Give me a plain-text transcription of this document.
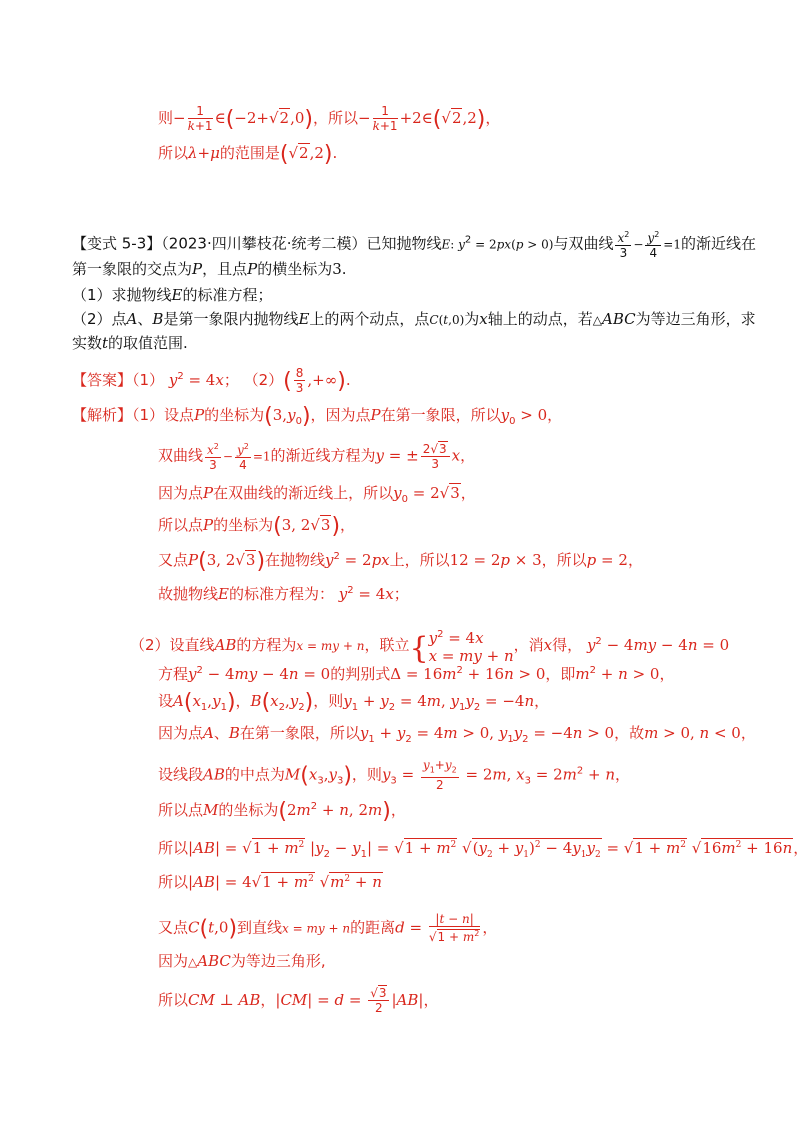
则− $\frac{1}{k+1}$ ∈(−2+√2,0)，所以− $\frac{1}{k+1}$ +2∈(√2,2)，
所以λ+μ的范围是(√2,2).
【变式 5-3】（2023·四川攀枝花·统考二模）已知抛物线E: $y^2 = 2px(p > 0)$与双曲线 $\frac{x^2}{3} - \frac{y^2}{4} =1$的渐近线在
第一象限的交点为P，且点P的横坐标为3.
（1）求抛物线E的标准方程；
（2）点A、B是第一象限内抛物线E上的两个动点，点C(t,0)为x轴上的动点，若△ABC为等边三角形，求
实数t的取值范围.
【答案】（1） $y^2 = 4x$； $(2)( \frac{8}{3}$ ,+∞).
【解析】（1）设点P的坐标为$(3,y_0)$，因为点P在第一象限，所以$y_0 > 0$，
双曲线 $\frac{x^2}{3} - \frac{y^2}{4} =1$的渐近线方程为y = ± $\frac{2√3}{3}$ x，
因为点P在双曲线的渐近线上，所以$y_0 = 2√3$，
所以点P的坐标为(3, 2√3)，
又点P(3, 2√3)在抛物线$y^2 = 2px$上，所以12 = 2p × 3，所以p = 2，
故抛物线E的标准方程为： $y^2 = 4x$；
（2）设直线AB的方程为x = my + n，联立{ $y^2 = 4x$
x = my + n
，消x得， $y^2 - 4my - 4n = 0$
方程$y^2 - 4my - 4n = 0$的判别式$\Delta = 16m^2 + 16n > 0$，即$m^2 + n > 0$，
设$A(x_1,y_1)$，$B(x_2,y_2)$，则$y_1 + y_2 = 4m$, $y_1y_2 = -4n$，
因为点A、B在第一象限，所以$y_1 + y_2 = 4m > 0$, $y_1y_2 = -4n > 0$，故m > 0, n < 0，
设线段AB的中点为$M(x_3,y_3)$，则$y_3 = \frac{y_1+y_2}{2} = 2m$, $x_3 = 2m^2 + n$，
所以点M的坐标为($2m^2 + n$, 2m)，
所以$|AB| = √1 + m^2$ $|y_2 - y_1| = √1 + m^2$ $√(y_2 + y_1)^2 - 4y_1y_2 = √1 + m^2$ $√16m^2 + 16n$，
所以$|AB| = 4√1 + m^2$ $√m^2 + n$
又点C(t,0)到直线x = my + n的距离$d = \frac{|t - n|}{√1 + m^2}$ ，
因为△ABC为等边三角形,
所以CM ⊥ AB，$|CM| = d = \frac{√3}{2} |AB|$，
